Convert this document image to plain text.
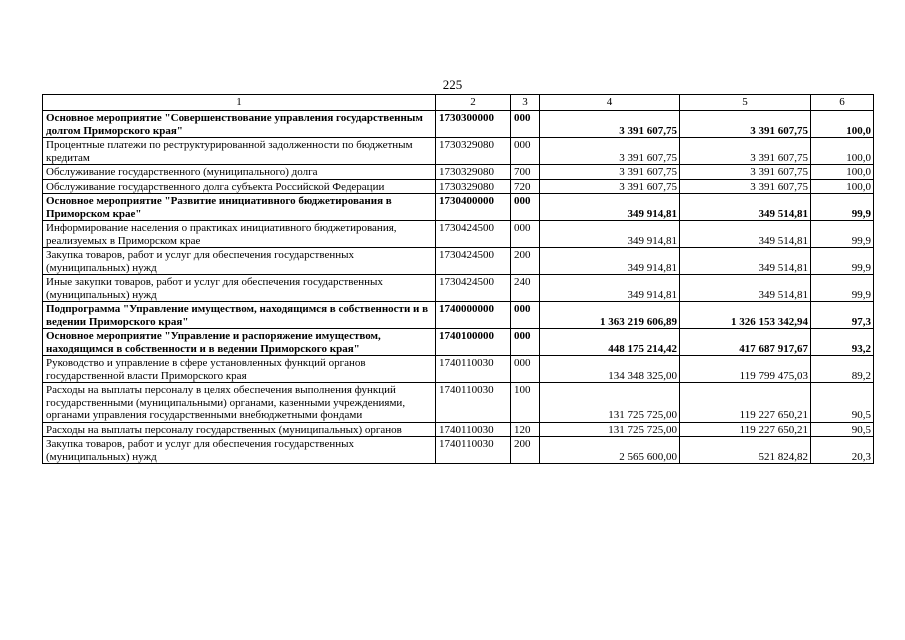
225
1	2	3	4	5	6
Основное мероприятие "Совершенствование управления государственным долгом Приморского края"	1730300000	000	3 391 607,75	3 391 607,75	100,0
Процентные платежи по реструктурированной задолженности по бюджетным кредитам	1730329080	000	3 391 607,75	3 391 607,75	100,0
Обслуживание государственного (муниципального) долга	1730329080	700	3 391 607,75	3 391 607,75	100,0
Обслуживание государственного долга субъекта Российской Федерации	1730329080	720	3 391 607,75	3 391 607,75	100,0
Основное мероприятие "Развитие инициативного бюджетирования в Приморском крае"	1730400000	000	349 914,81	349 514,81	99,9
Информирование населения о практиках инициативного бюджетирования, реализуемых в Приморском крае	1730424500	000	349 914,81	349 514,81	99,9
Закупка товаров, работ и услуг для обеспечения государственных (муниципальных) нужд	1730424500	200	349 914,81	349 514,81	99,9
Иные закупки товаров, работ и услуг для обеспечения государственных (муниципальных) нужд	1730424500	240	349 914,81	349 514,81	99,9
Подпрограмма "Управление имуществом, находящимся в собственности и в ведении Приморского края"	1740000000	000	1 363 219 606,89	1 326 153 342,94	97,3
Основное мероприятие "Управление и распоряжение имуществом, находящимся в собственности и в ведении Приморского края"	1740100000	000	448 175 214,42	417 687 917,67	93,2
Руководство и управление в сфере установленных функций органов государственной власти Приморского края	1740110030	000	134 348 325,00	119 799 475,03	89,2
Расходы на выплаты персоналу в целях обеспечения выполнения функций государственными (муниципальными) органами, казенными учреждениями, органами управления государственными внебюджетными фондами	1740110030	100	131 725 725,00	119 227 650,21	90,5
Расходы на выплаты персоналу государственных (муниципальных) органов	1740110030	120	131 725 725,00	119 227 650,21	90,5
Закупка товаров, работ и услуг для обеспечения государственных (муниципальных) нужд	1740110030	200	2 565 600,00	521 824,82	20,3
